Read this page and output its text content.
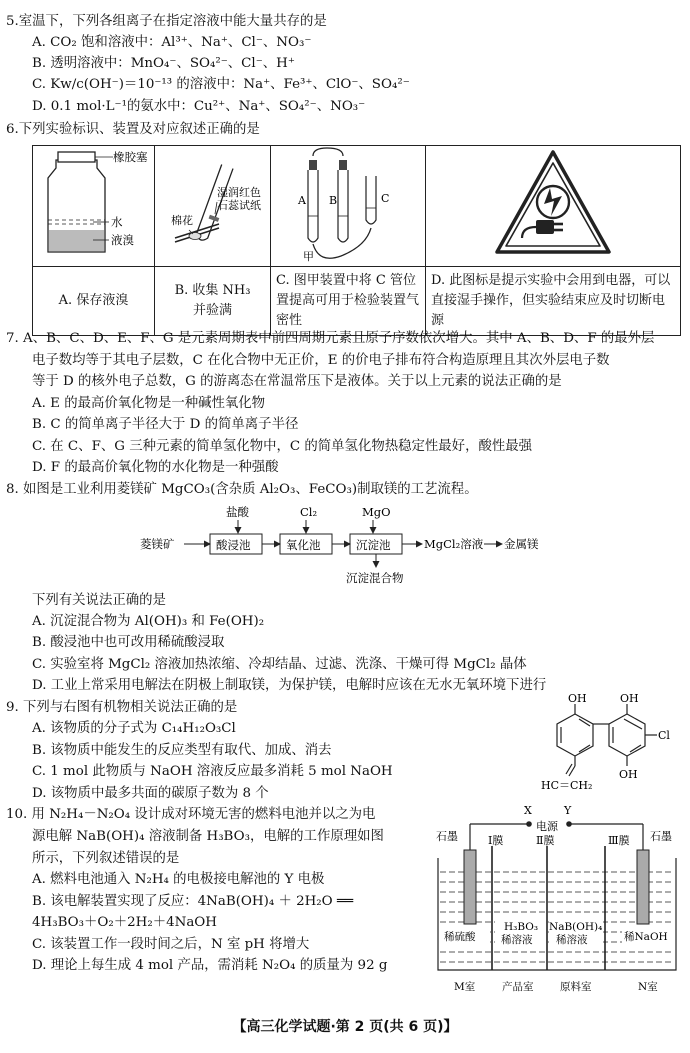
5.室温下，下列各组离子在指定溶液中能大量共存的是
A. CO₂ 饱和溶液中：Al³⁺、Na⁺、Cl⁻、NO₃⁻
B. 透明溶液中：MnO₄⁻、SO₄²⁻、Cl⁻、H⁺
C. Kw/c(OH⁻)＝10⁻¹³ 的溶液中：Na⁺、Fe³⁺、ClO⁻、SO₄²⁻
D. 0.1 mol·L⁻¹的氨水中：Cu²⁺、Na⁺、SO₄²⁻、NO₃⁻
6.下列实验标识、装置及对应叙述正确的是
橡胶塞
水
液溴	棉花
湿润红色
石蕊试纸	A B C
甲

A. 保存液溴	B. 收集 NH₃
并验满	C. 图甲装置中将 C 管位置提高可用于检验装置气密性	D. 此图标是提示实验中会用到电器，可以直接湿手操作，但实验结束应及时切断电源
7. A、B、C、D、E、F、G 是元素周期表中前四周期元素且原子序数依次增大。其中 A、B、D、F 的最外层
电子数均等于其电子层数，C 在化合物中无正价，E 的价电子排布符合构造原理且其次外层电子数
等于 D 的核外电子总数，G 的游离态在常温常压下是液体。关于以上元素的说法正确的是
A. E 的最高价氧化物是一种碱性氧化物
B. C 的简单离子半径大于 D 的简单离子半径
C. 在 C、F、G 三种元素的简单氢化物中，C 的简单氢化物热稳定性最好，酸性最强
D. F 的最高价氧化物的水化物是一种强酸
8. 如图是工业利用菱镁矿 MgCO₃(含杂质 Al₂O₃、FeCO₃)制取镁的工艺流程。
盐酸	Cl₂	MgO
菱镁矿	酸浸池	氧化池	沉淀池	MgCl₂溶液 金属镁
沉淀混合物
下列有关说法正确的是
A. 沉淀混合物为 Al(OH)₃ 和 Fe(OH)₂
B. 酸浸池中也可改用稀硫酸浸取
C. 实验室将 MgCl₂ 溶液加热浓缩、冷却结晶、过滤、洗涤、干燥可得 MgCl₂ 晶体
D. 工业上常采用电解法在阴极上制取镁，为保护镁，电解时应该在无水无氧环境下进行
9. 下列与右图有机物相关说法正确的是
A. 该物质的分子式为 C₁₄H₁₂O₃Cl
B. 该物质中能发生的反应类型有取代、加成、消去
C. 1 mol 此物质与 NaOH 溶液反应最多消耗 5 mol NaOH
D. 该物质中最多共面的碳原子数为 8 个
OH	OH
OH
Cl
HC＝CH₂
10. 用 N₂H₄－N₂O₄ 设计成对环境无害的燃料电池并以之为电
源电解 NaB(OH)₄ 溶液制备 H₃BO₃，电解的工作原理如图
所示，下列叙述错误的是
A. 燃料电池通入 N₂H₄ 的电极接电解池的 Y 电极
B. 该电解装置实现了反应：4NaB(OH)₄ ＋ 2H₂O ══
4H₃BO₃＋O₂＋2H₂＋4NaOH
C. 该装置工作一段时间之后，N 室 pH 将增大
D. 理论上每生成 4 mol 产品，需消耗 N₂O₄ 的质量为 92 g
X	Y
电源
石墨	石墨
Ⅰ膜	Ⅱ膜	Ⅲ膜
稀硫酸
H₃BO₃
稀溶液
NaB(OH)₄
稀溶液	稀NaOH
M室	产品室	原料室	N室
【高三化学试题·第 2 页(共 6 页)】
